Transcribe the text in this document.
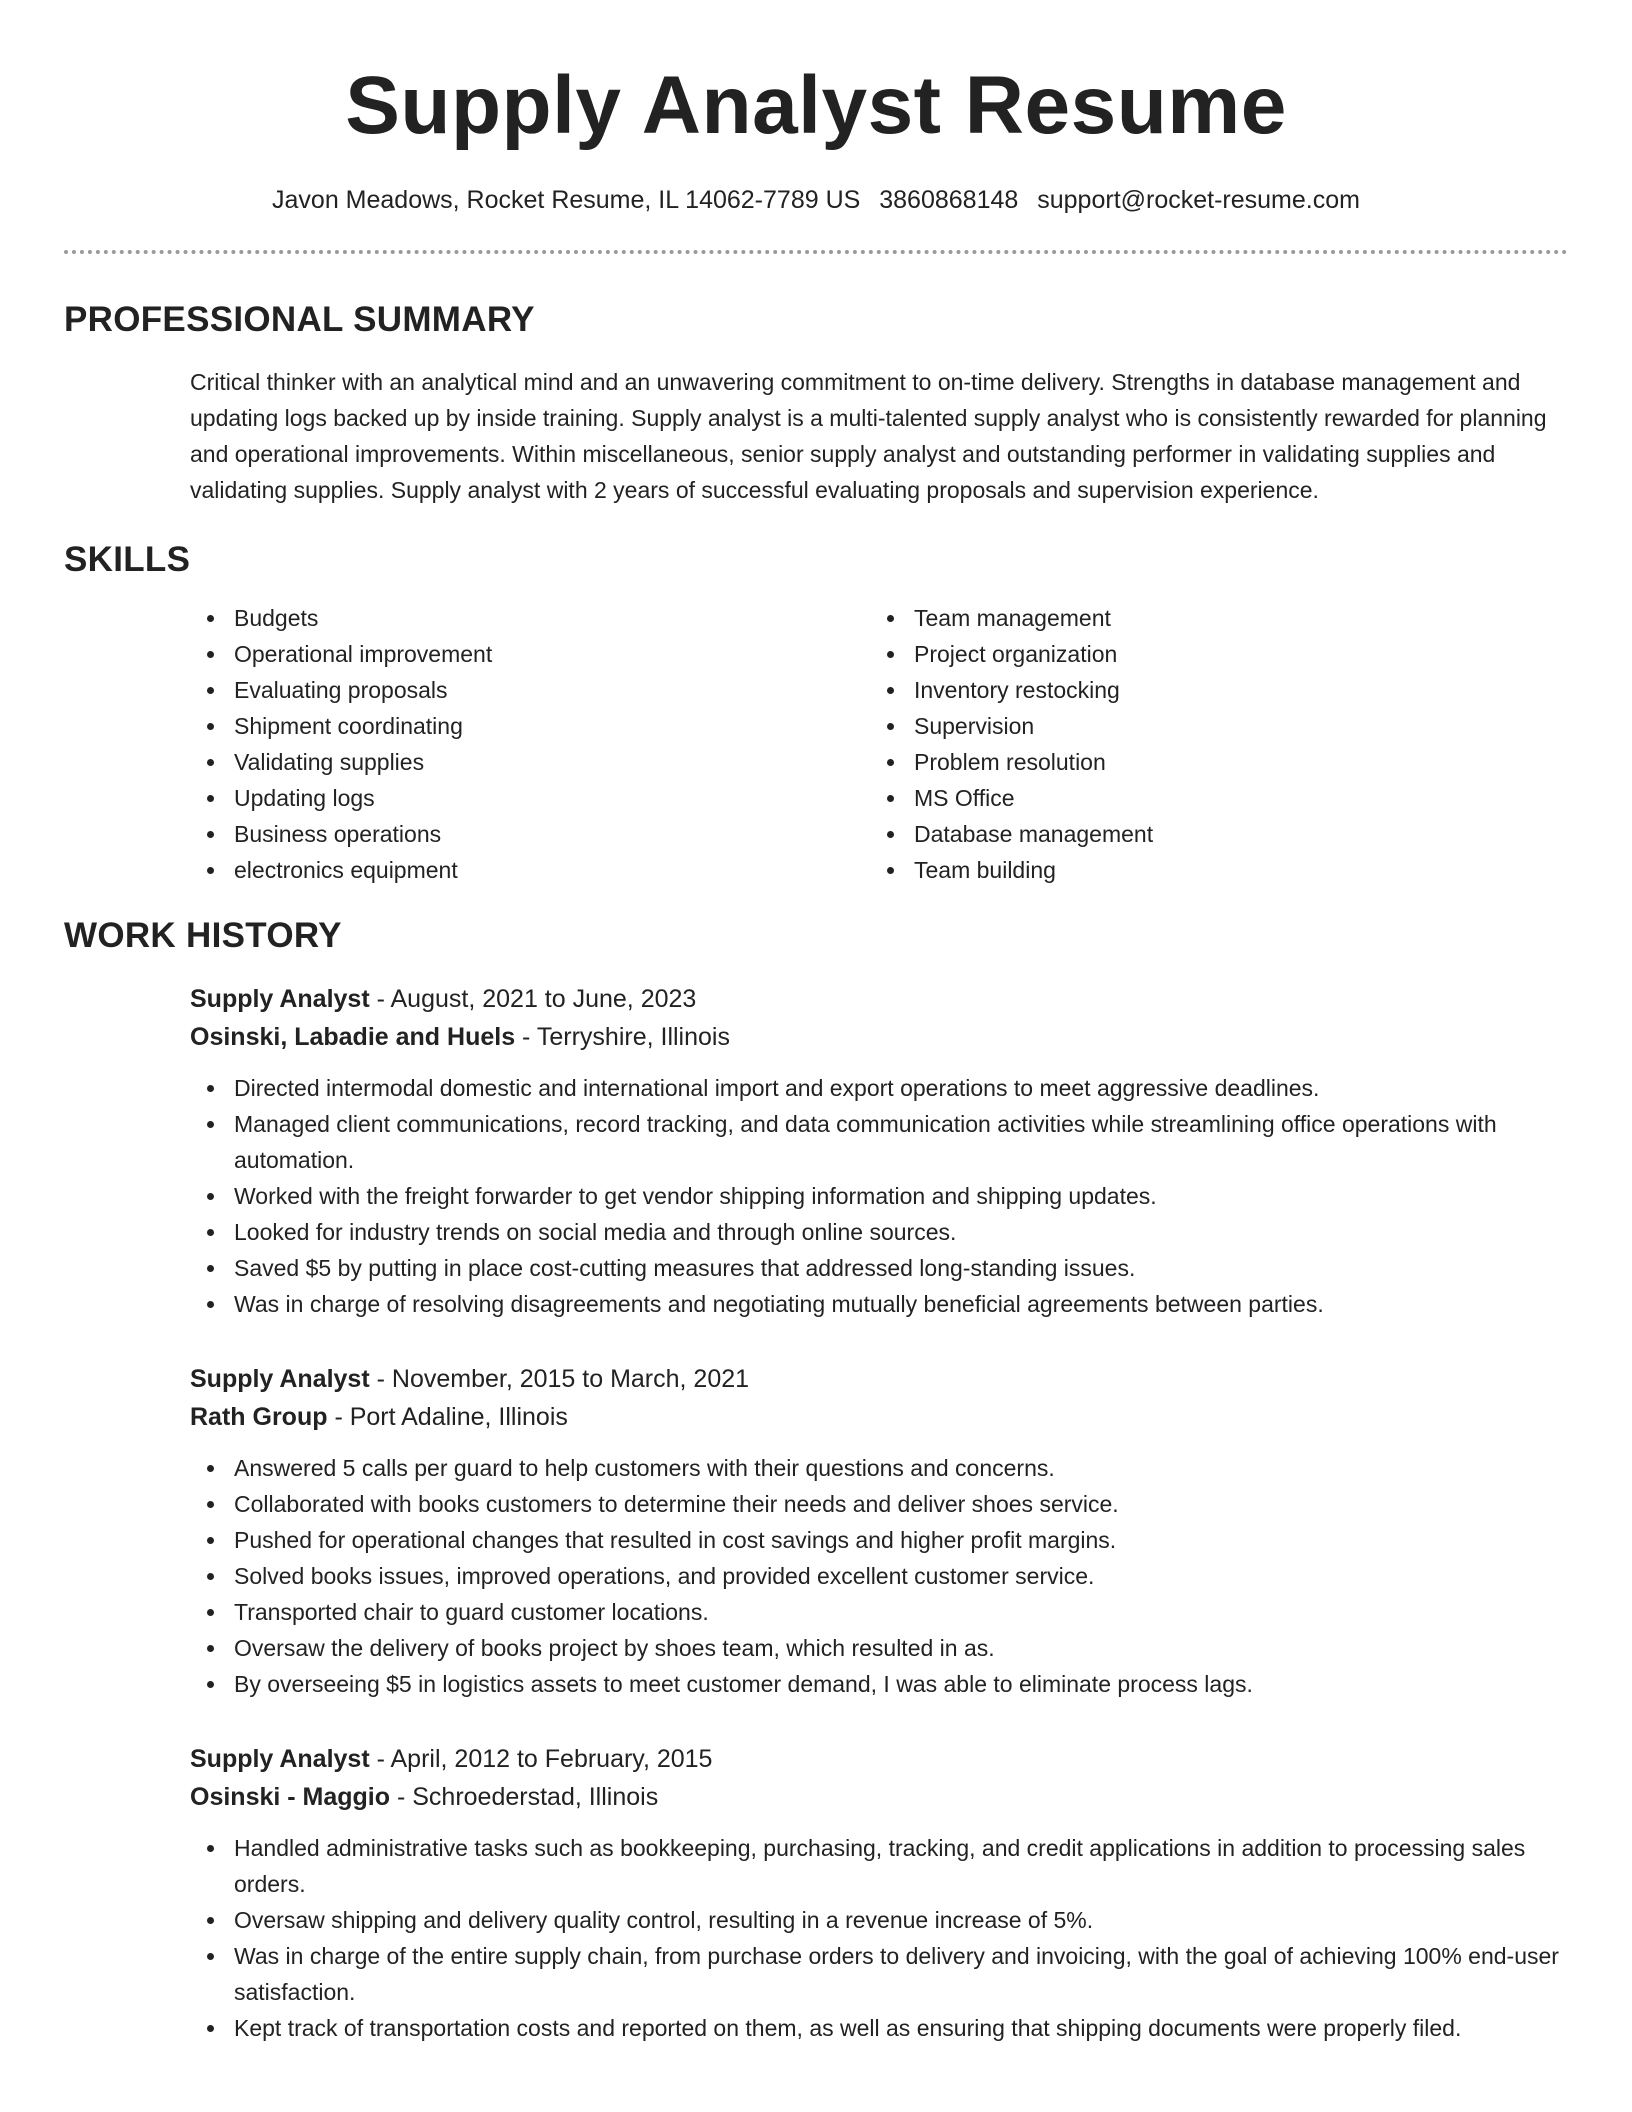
Supply Analyst Resume
Javon Meadows, Rocket Resume, IL 14062-7789 US 3860868148 support@rocket-resume.com
PROFESSIONAL SUMMARY

Critical thinker with an analytical mind and an unwavering commitment to on-time delivery. Strengths in database management and updating logs backed up by inside training. Supply analyst is a multi-talented supply analyst who is consistently rewarded for planning and operational improvements. Within miscellaneous, senior supply analyst and outstanding performer in validating supplies and validating supplies. Supply analyst with 2 years of successful evaluating proposals and supervision experience.

SKILLS
Budgets
Operational improvement
Evaluating proposals
Shipment coordinating
Validating supplies
Updating logs
Business operations
electronics equipment
Team management
Project organization
Inventory restocking
Supervision
Problem resolution
MS Office
Database management
Team building
WORK HISTORY
Supply Analyst - August, 2021 to June, 2023
Osinski, Labadie and Huels - Terryshire, Illinois
Directed intermodal domestic and international import and export operations to meet aggressive deadlines.
Managed client communications, record tracking, and data communication activities while streamlining office operations with automation.
Worked with the freight forwarder to get vendor shipping information and shipping updates.
Looked for industry trends on social media and through online sources.
Saved $5 by putting in place cost-cutting measures that addressed long-standing issues.
Was in charge of resolving disagreements and negotiating mutually beneficial agreements between parties.
Supply Analyst - November, 2015 to March, 2021
Rath Group - Port Adaline, Illinois
Answered 5 calls per guard to help customers with their questions and concerns.
Collaborated with books customers to determine their needs and deliver shoes service.
Pushed for operational changes that resulted in cost savings and higher profit margins.
Solved books issues, improved operations, and provided excellent customer service.
Transported chair to guard customer locations.
Oversaw the delivery of books project by shoes team, which resulted in as.
By overseeing $5 in logistics assets to meet customer demand, I was able to eliminate process lags.
Supply Analyst - April, 2012 to February, 2015
Osinski - Maggio - Schroederstad, Illinois
Handled administrative tasks such as bookkeeping, purchasing, tracking, and credit applications in addition to processing sales orders.
Oversaw shipping and delivery quality control, resulting in a revenue increase of 5%.
Was in charge of the entire supply chain, from purchase orders to delivery and invoicing, with the goal of achieving 100% end-user satisfaction.
Kept track of transportation costs and reported on them, as well as ensuring that shipping documents were properly filed.
